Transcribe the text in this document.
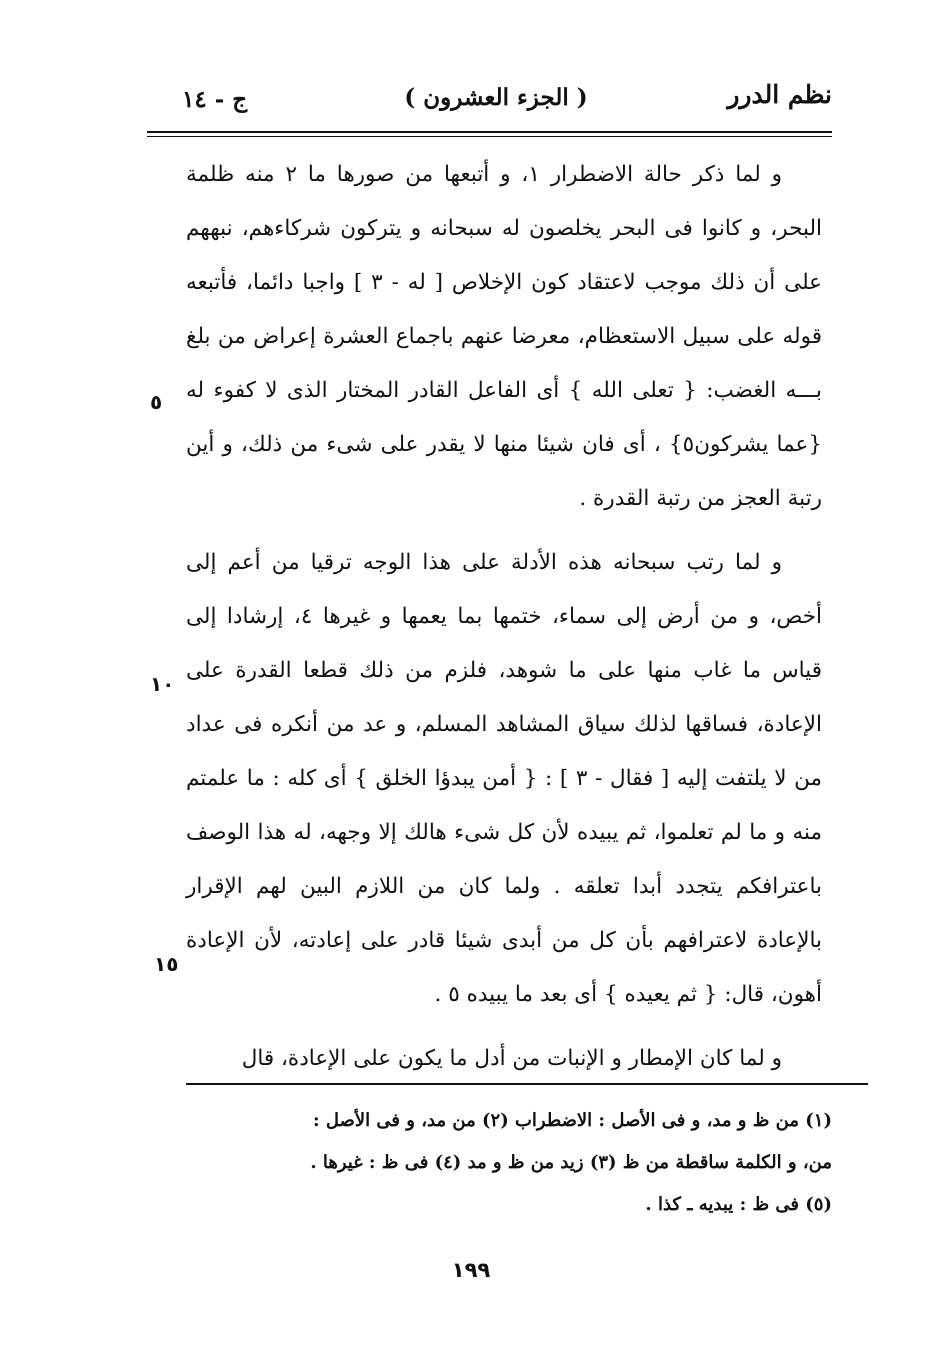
نظم الدرر
( الجزء العشرون )
ج - ١٤

و لما ذكر حالة الاضطرار ١، و أتبعها من صورها ما ٢ منه ظلمة البحر، و كانوا فى البحر يخلصون له سبحانه و يتركون شركاءهم، نبههم على أن ذلك موجب لاعتقاد كون الإخلاص [ له - ٣ ] واجبا دائما، فأتبعه قوله على سبيل الاستعظام، معرضا عنهم باجماع العشرة إعراض من بلغ بـــه الغضب: { تعلى الله } أى الفاعل القادر المختار الذى لا كفوء له {عما يشركون٥} ، أى فان شيئا منها لا يقدر على شىء من ذلك، و أين رتبة العجز من رتبة القدرة .

و لما رتب سبحانه هذه الأدلة على هذا الوجه ترقيا من أعم إلى أخص، و من أرض إلى سماء، ختمها بما يعمها و غيرها ٤، إرشادا إلى قياس ما غاب منها على ما شوهد، فلزم من ذلك قطعا القدرة على الإعادة، فساقها لذلك سياق المشاهد المسلم، و عد من أنكره فى عداد من لا يلتفت إليه [ فقال - ٣ ] : { أمن يبدؤا الخلق } أى كله : ما علمتم منه و ما لم تعلموا، ثم يبيده لأن كل شىء هالك إلا وجهه، له هذا الوصف باعترافكم يتجدد أبدا تعلقه . ولما كان من اللازم البين لهم الإقرار بالإعادة لاعترافهم بأن كل من أبدى شيئا قادر على إعادته، لأن الإعادة أهون، قال: { ثم يعيده } أى بعد ما يبيده ٥ .

و لما كان الإمطار و الإنبات من أدل ما يكون على الإعادة، قال

٥
١٠
١٥

(١) من ظ و مد، و فى الأصل : الاضطراب (٢) من مد، و فى الأصل :

من، و الكلمة ساقطة من ظ (٣) زيد من ظ و مد (٤) فى ظ : غيرها .

(٥) فى ظ : يبديه ـ كذا .

١٩٩
